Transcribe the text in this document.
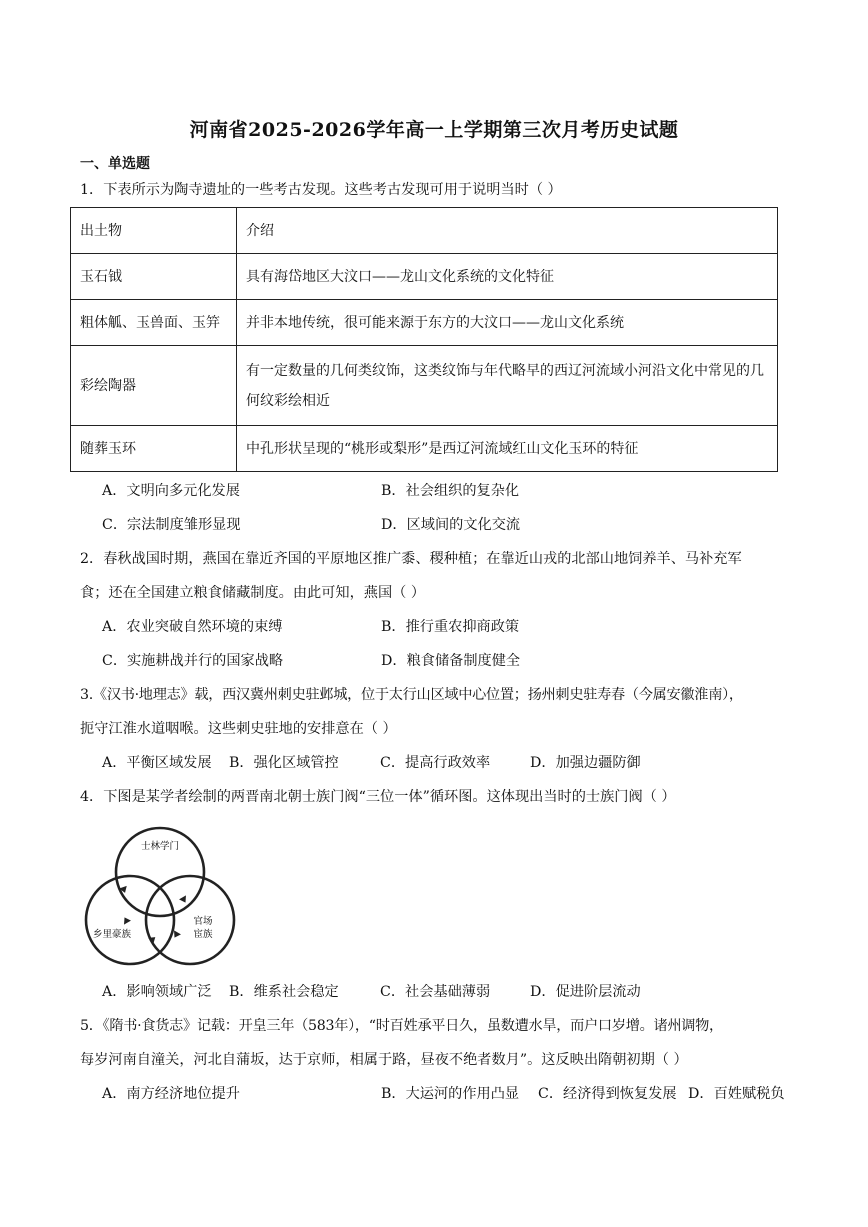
河南省2025-2026学年高一上学期第三次月考历史试题
一、单选题
1．下表所示为陶寺遗址的一些考古发现。这些考古发现可用于说明当时（ ）
出土物	介绍
玉石钺	具有海岱地区大汶口——龙山文化系统的文化特征
粗体觚、玉兽面、玉笄	并非本地传统，很可能来源于东方的大汶口——龙山文化系统
彩绘陶器	有一定数量的几何类纹饰，这类纹饰与年代略早的西辽河流域小河沿文化中常见的几何纹彩绘相近
随葬玉环	中孔形状呈现的“桃形或梨形”是西辽河流域红山文化玉环的特征
A．文明向多元化发展	B．社会组织的复杂化
C．宗法制度雏形显现	D．区域间的文化交流
2．春秋战国时期，燕国在靠近齐国的平原地区推广黍、稷种植；在靠近山戎的北部山地饲养羊、马补充军
食；还在全国建立粮食储藏制度。由此可知，燕国（ ）
A．农业突破自然环境的束缚	B．推行重农抑商政策
C．实施耕战并行的国家战略	D．粮食储备制度健全
3.《汉书·地理志》载，西汉冀州刺史驻邺城，位于太行山区域中心位置；扬州刺史驻寿春（今属安徽淮南），
扼守江淮水道咽喉。这些刺史驻地的安排意在（ ）
A．平衡区域发展 B．强化区域管控	C．提高行政效率	D．加强边疆防御
4．下图是某学者绘制的两晋南北朝士族门阀“三位一体”循环图。这体现出当时的士族门阀（ ）
士林学门
乡里豪族
官场
宦族
A．影响领域广泛 B．维系社会稳定	C．社会基础薄弱	D．促进阶层流动
5．《隋书·食货志》记载：开皇三年（583年），“时百姓承平日久，虽数遭水旱，而户口岁增。诸州调物，
每岁河南自潼关，河北自蒲坂，达于京师，相属于路，昼夜不绝者数月”。这反映出隋朝初期（ ）
A．南方经济地位提升	B．大运河的作用凸显 C．经济得到恢复发展 D．百姓赋税负
